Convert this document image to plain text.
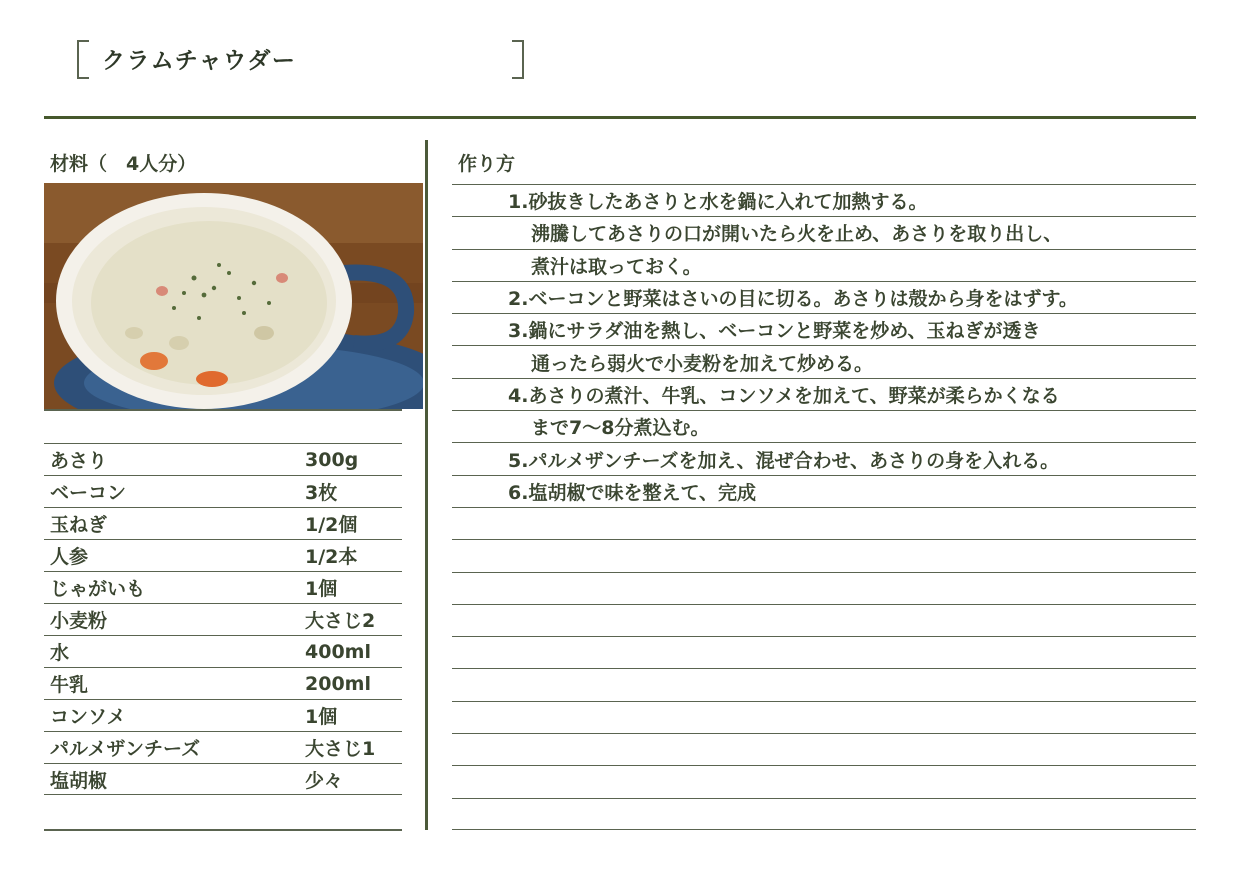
クラムチャウダー
材料（　4人分）
あさり	300g
ベーコン	3枚
玉ねぎ	1/2個
人参	1/2本
じゃがいも	1個
小麦粉	大さじ2
水	400ml
牛乳	200ml
コンソメ	1個
パルメザンチーズ	大さじ1
塩胡椒	少々
作り方
1.砂抜きしたあさりと水を鍋に入れて加熱する。
沸騰してあさりの口が開いたら火を止め、あさりを取り出し、
煮汁は取っておく。
2.ベーコンと野菜はさいの目に切る。あさりは殻から身をはずす。
3.鍋にサラダ油を熱し、ベーコンと野菜を炒め、玉ねぎが透き
通ったら弱火で小麦粉を加えて炒める。
4.あさりの煮汁、牛乳、コンソメを加えて、野菜が柔らかくなる
まで7〜8分煮込む。
5.パルメザンチーズを加え、混ぜ合わせ、あさりの身を入れる。
6.塩胡椒で味を整えて、完成
